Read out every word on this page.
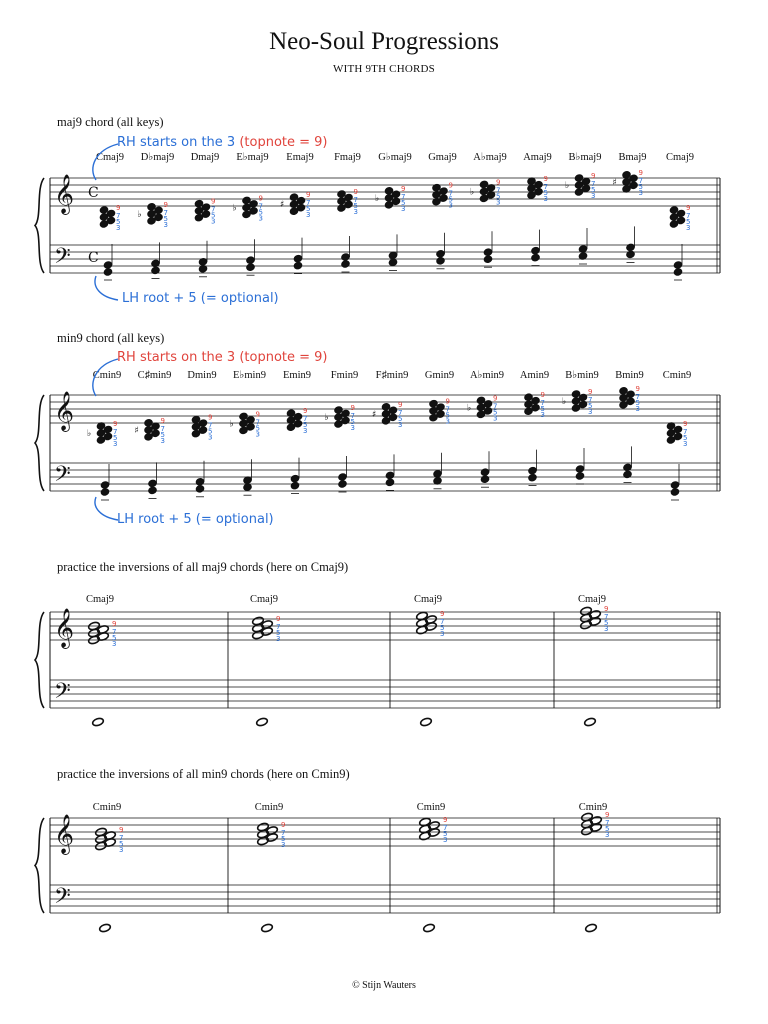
Neo-Soul Progressions
WITH 9TH CHORDS
maj9 chord (all keys)
min9 chord (all keys)
practice the inversions of all maj9 chords (here on Cmaj9)
practice the inversions of all min9 chords (here on Cmin9)
RH starts on the 3 (topnote = 9)
LH root + 5 (= optional)
RH starts on the 3 (topnote = 9)
LH root + 5 (= optional)
𝄞
𝄢
Cmaj9
9
7
5
3
D♭maj9
♭
9
7
5
3
Dmaj9
9
7
5
3
E♭maj9
♭
9
7
5
3
Emaj9
♯
9
7
5
3
Fmaj9
9
7
5
3
G♭maj9
♭
9
7
5
3
Gmaj9
9
7
5
3
A♭maj9
♭
9
7
5
3
Amaj9
9
7
5
3
B♭maj9
♭
9
7
5
3
Bmaj9
♯
9
7
5
3
Cmaj9
9
7
5
3
C
C
𝄞
𝄢
Cmin9
♭
9
7
5
3
C♯min9
♯
9
7
5
3
Dmin9
9
7
5
3
E♭min9
♭
9
7
5
3
Emin9
9
7
5
3
Fmin9
♭
9
7
5
3
F♯min9
♯
9
7
5
3
Gmin9
9
7
5
3
A♭min9
♭
9
7
5
3
Amin9
9
7
5
3
B♭min9
♭
9
7
5
3
Bmin9
9
7
5
3
Cmin9
9
7
5
3
𝄞
𝄢
Cmaj9
9
7
5
3
Cmaj9
9
7
5
3
Cmaj9
9
7
5
3
Cmaj9
9
7
5
3
𝄞
𝄢
Cmin9
9
7
5
3
Cmin9
9
7
5
3
Cmin9
9
7
5
3
Cmin9
9
7
5
3
© Stijn Wauters
